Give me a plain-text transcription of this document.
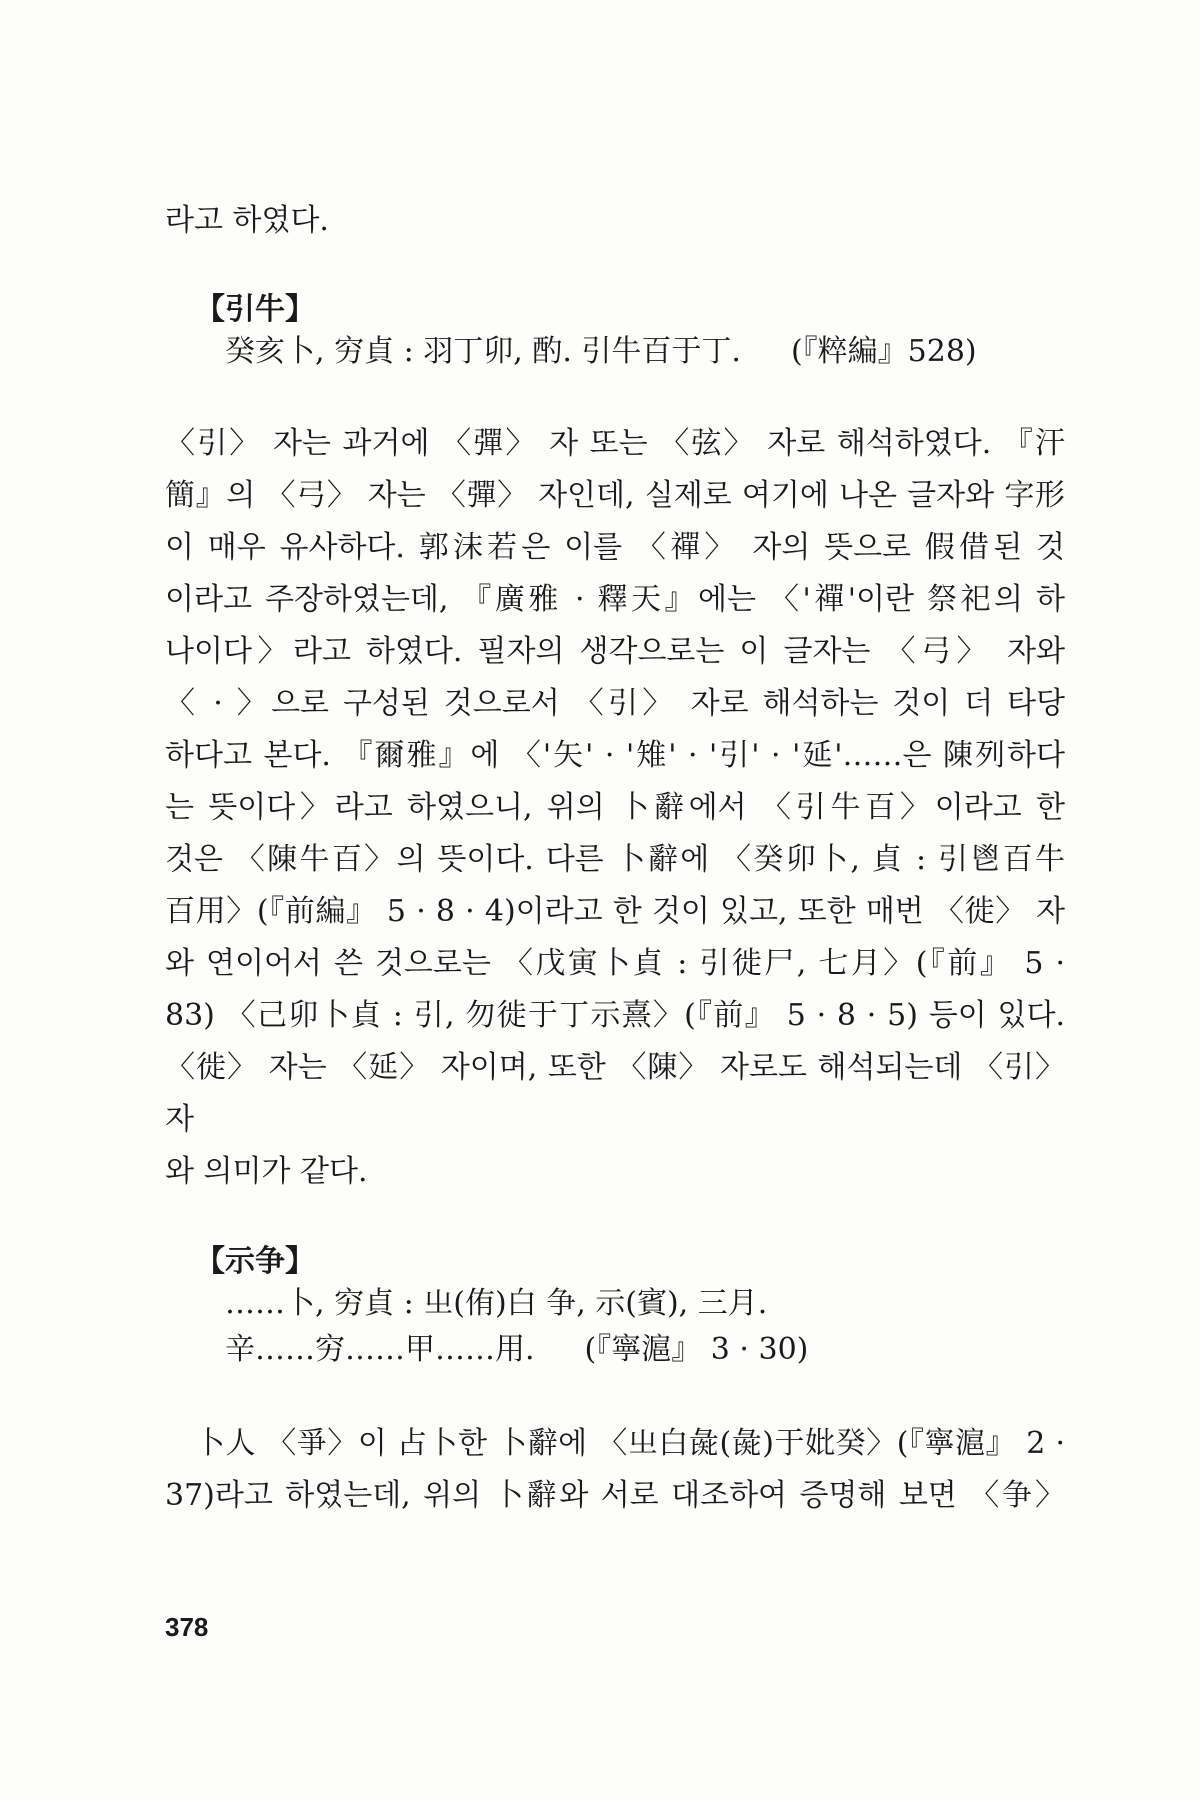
라고 하였다.
【引牛】
癸亥卜, 穷貞 : 羽丁卯, 酌. 引牛百于丁. (『粹編』528)
〈引〉 자는 과거에 〈彈〉 자 또는 〈弦〉 자로 해석하였다. 『汗
簡』의 〈弓〉 자는 〈彈〉 자인데, 실제로 여기에 나온 글자와 字形
이 매우 유사하다. 郭沫若은 이를 〈禪〉 자의 뜻으로 假借된 것
이라고 주장하였는데, 『廣雅 · 釋天』에는 〈'禪'이란 祭祀의 하
나이다〉라고 하였다. 필자의 생각으로는 이 글자는 〈弓〉 자와
〈 · 〉으로 구성된 것으로서 〈引〉 자로 해석하는 것이 더 타당
하다고 본다. 『爾雅』에 〈'矢' · '雉' · '引' · '延'……은 陳列하다
는 뜻이다〉라고 하였으니, 위의 卜辭에서 〈引牛百〉이라고 한
것은 〈陳牛百〉의 뜻이다. 다른 卜辭에 〈癸卯卜, 貞 : 引鬯百牛
百用〉(『前編』 5 · 8 · 4)이라고 한 것이 있고, 또한 매번 〈徙〉 자
와 연이어서 쓴 것으로는 〈戊寅卜貞 : 引徙尸, 七月〉(『前』 5 ·
83) 〈己卯卜貞 : 引, 勿徙于丁示熹〉(『前』 5 · 8 · 5) 등이 있다.
〈徙〉 자는 〈延〉 자이며, 또한 〈陳〉 자로도 해석되는데 〈引〉 자
와 의미가 같다.
【示争】
……卜, 穷貞 : 㞢(侑)白 争, 示(賓), 三月.
辛……穷……甲……用. (『寧滬』 3 · 30)
卜人 〈爭〉이 占卜한 卜辭에 〈㞢白彘(彘)于妣癸〉(『寧滬』 2 ·
37)라고 하였는데, 위의 卜辭와 서로 대조하여 증명해 보면 〈争〉
378
